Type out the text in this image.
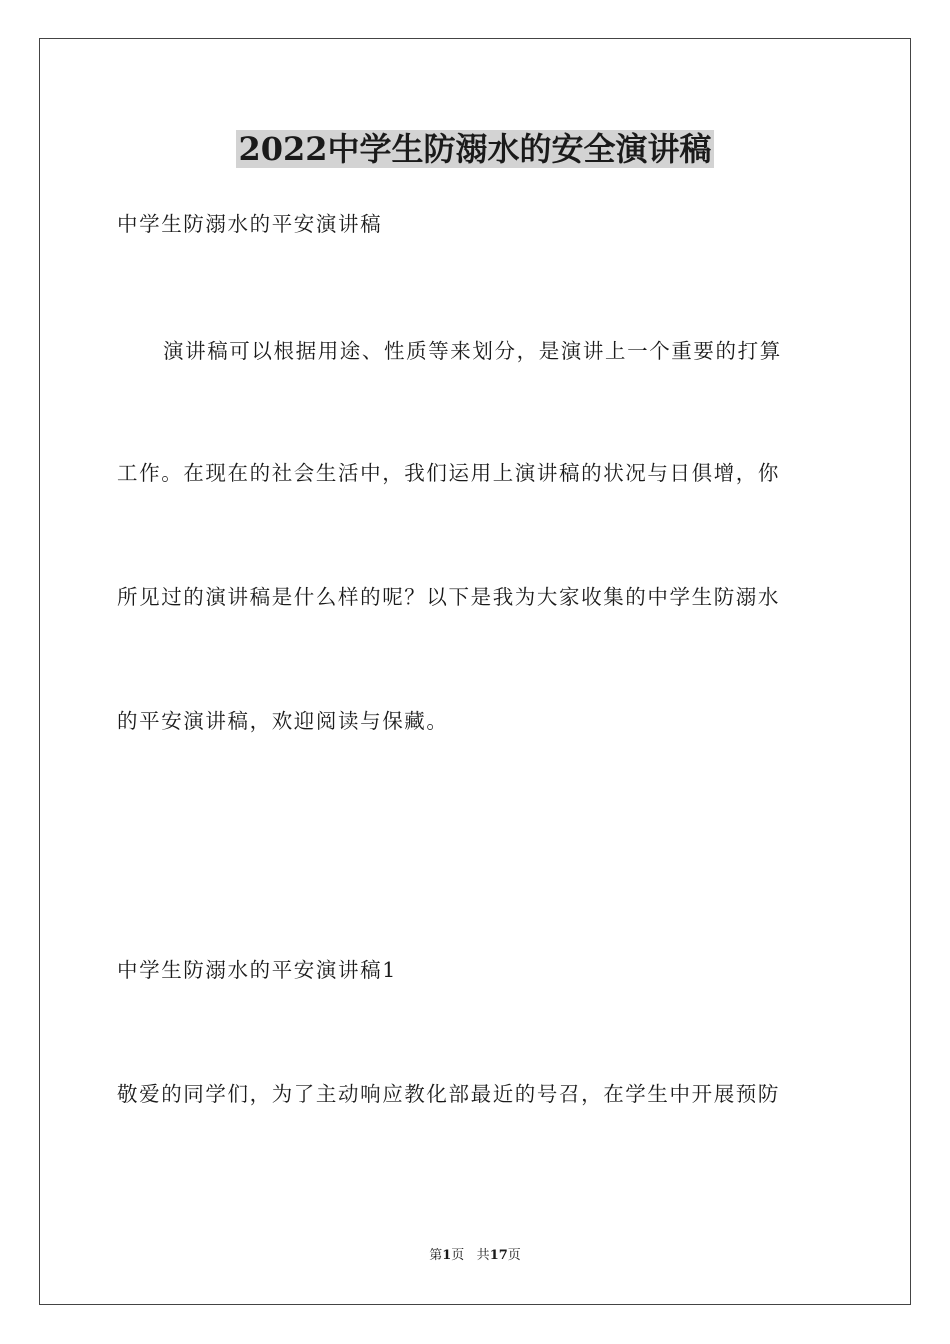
2022中学生防溺水的安全演讲稿
中学生防溺水的平安演讲稿
演讲稿可以根据用途、性质等来划分，是演讲上一个重要的打算
工作。在现在的社会生活中，我们运用上演讲稿的状况与日俱增，你
所见过的演讲稿是什么样的呢？以下是我为大家收集的中学生防溺水
的平安演讲稿，欢迎阅读与保藏。
中学生防溺水的平安演讲稿1
敬爱的同学们，为了主动响应教化部最近的号召，在学生中开展预防
第1页 共17页
